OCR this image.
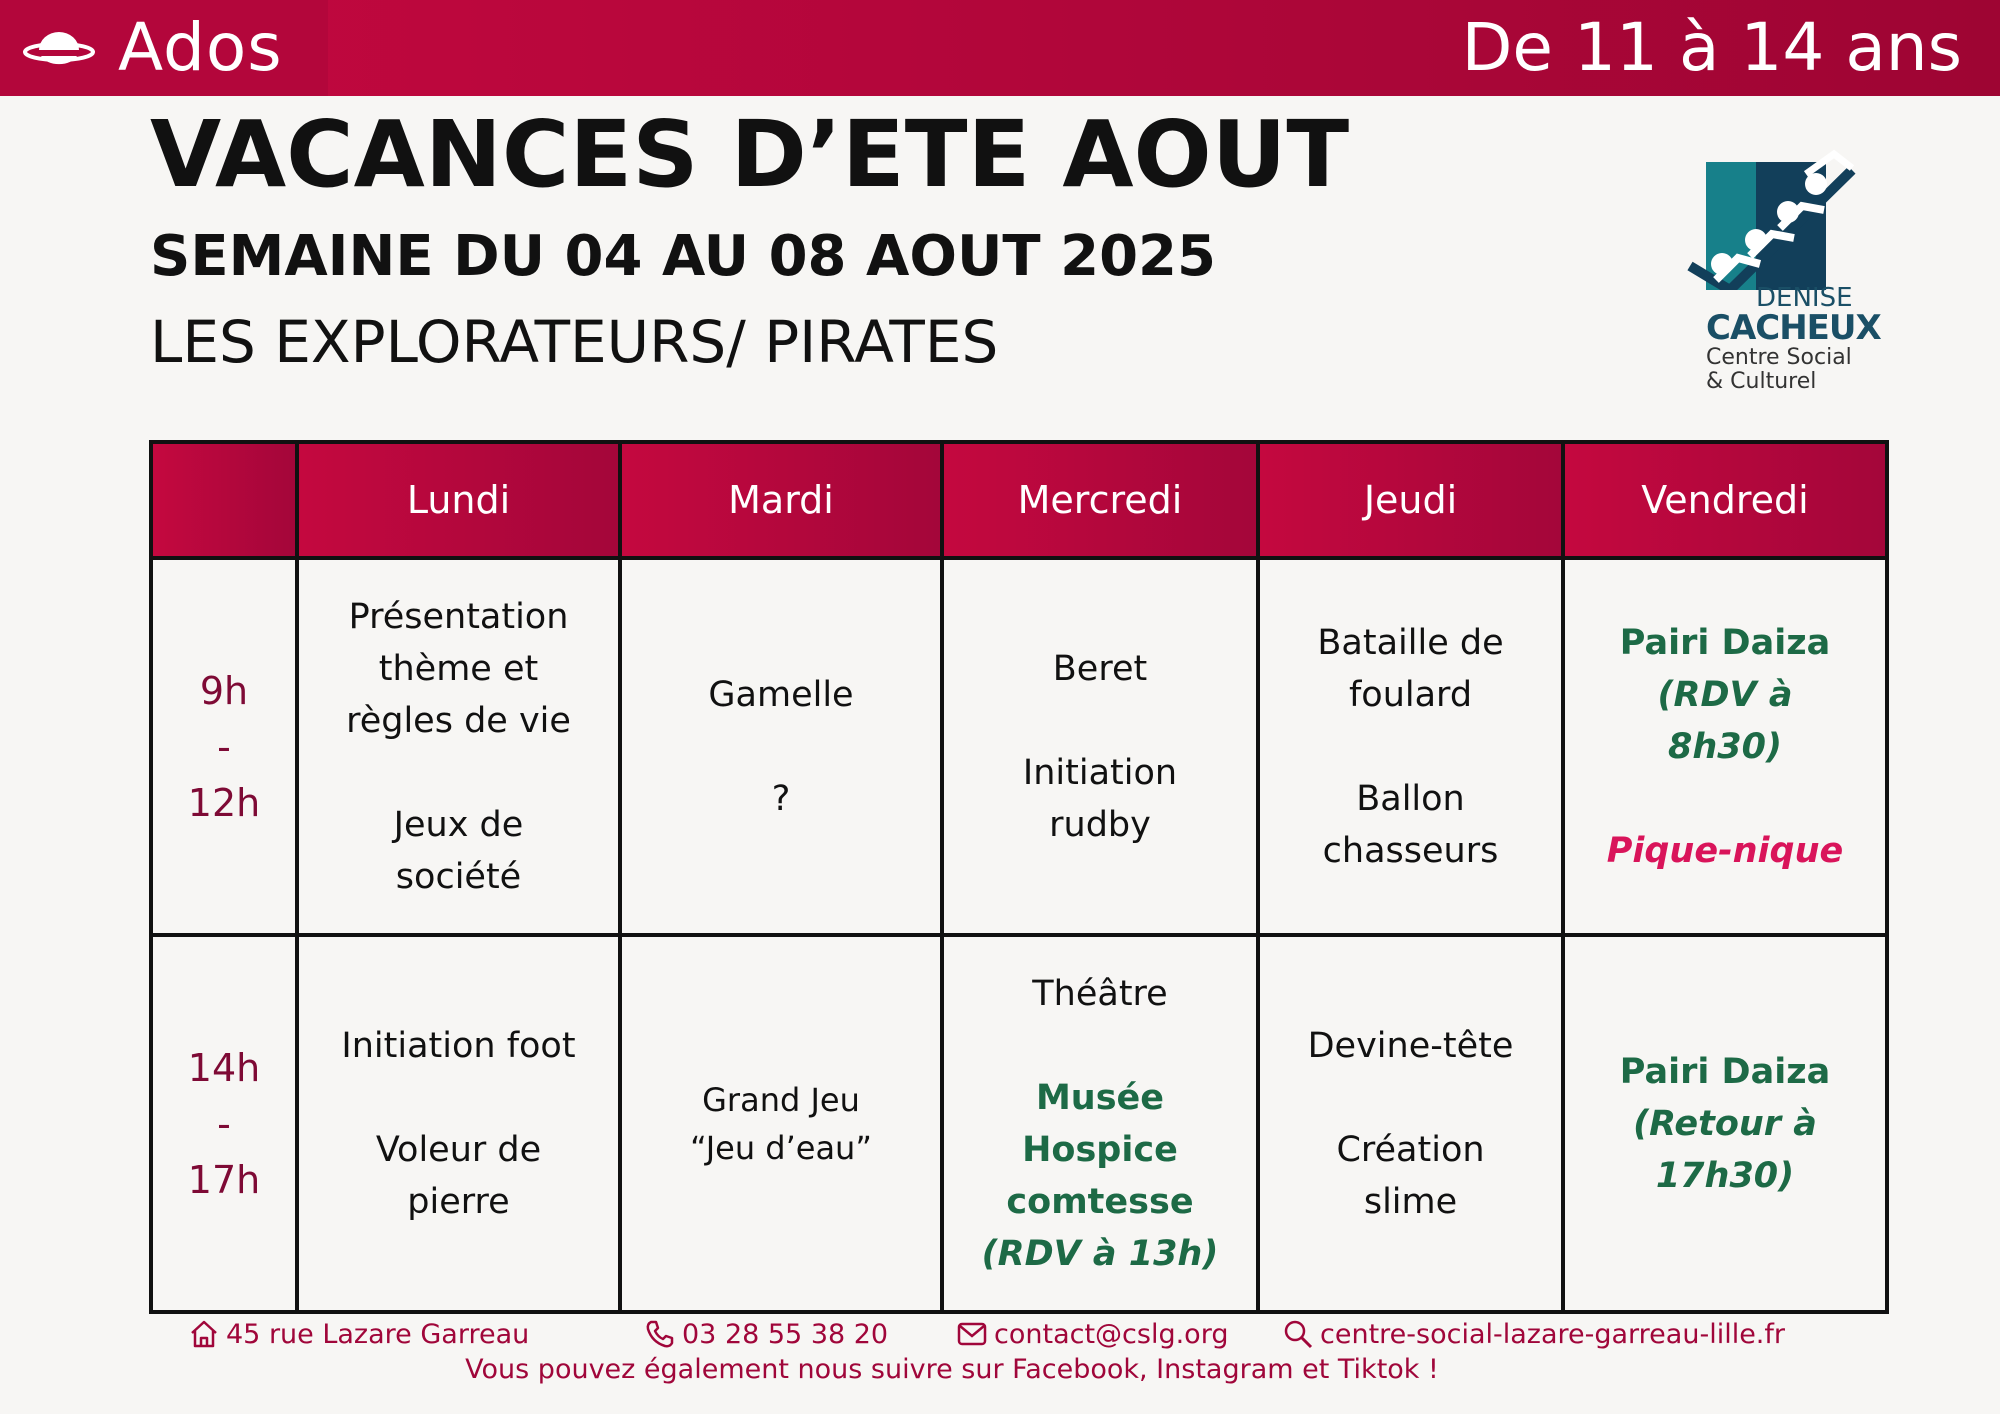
Ados	De 11 à 14 ans
VACANCES D’ETE AOUT
SEMAINE DU 04 AU 08 AOUT 2025
LES EXPLORATEURS/ PIRATES
DENISE
CACHEUX
Centre Social
& Culturel
	Lundi	Mardi	Mercredi	Jeudi	Vendredi

9h
-
12h	Présentation
thème et
règles de vie
Jeux de
société	Gamelle
?	Beret
Initiation
rudby	Bataille de
foulard
Ballon
chasseurs	Pairi Daiza
(RDV à
8h30)
Pique-nique

14h
-
17h	Initiation foot
Voleur de
pierre	Grand Jeu
“Jeu d’eau”	Théâtre
Musée
Hospice
comtesse
(RDV à 13h)	Devine-tête
Création
slime	Pairi Daiza
(Retour à
17h30)
45 rue Lazare Garreau	03 28 55 38 20	contact@cslg.org	centre-social-lazare-garreau-lille.fr
Vous pouvez également nous suivre sur Facebook, Instagram et Tiktok !
